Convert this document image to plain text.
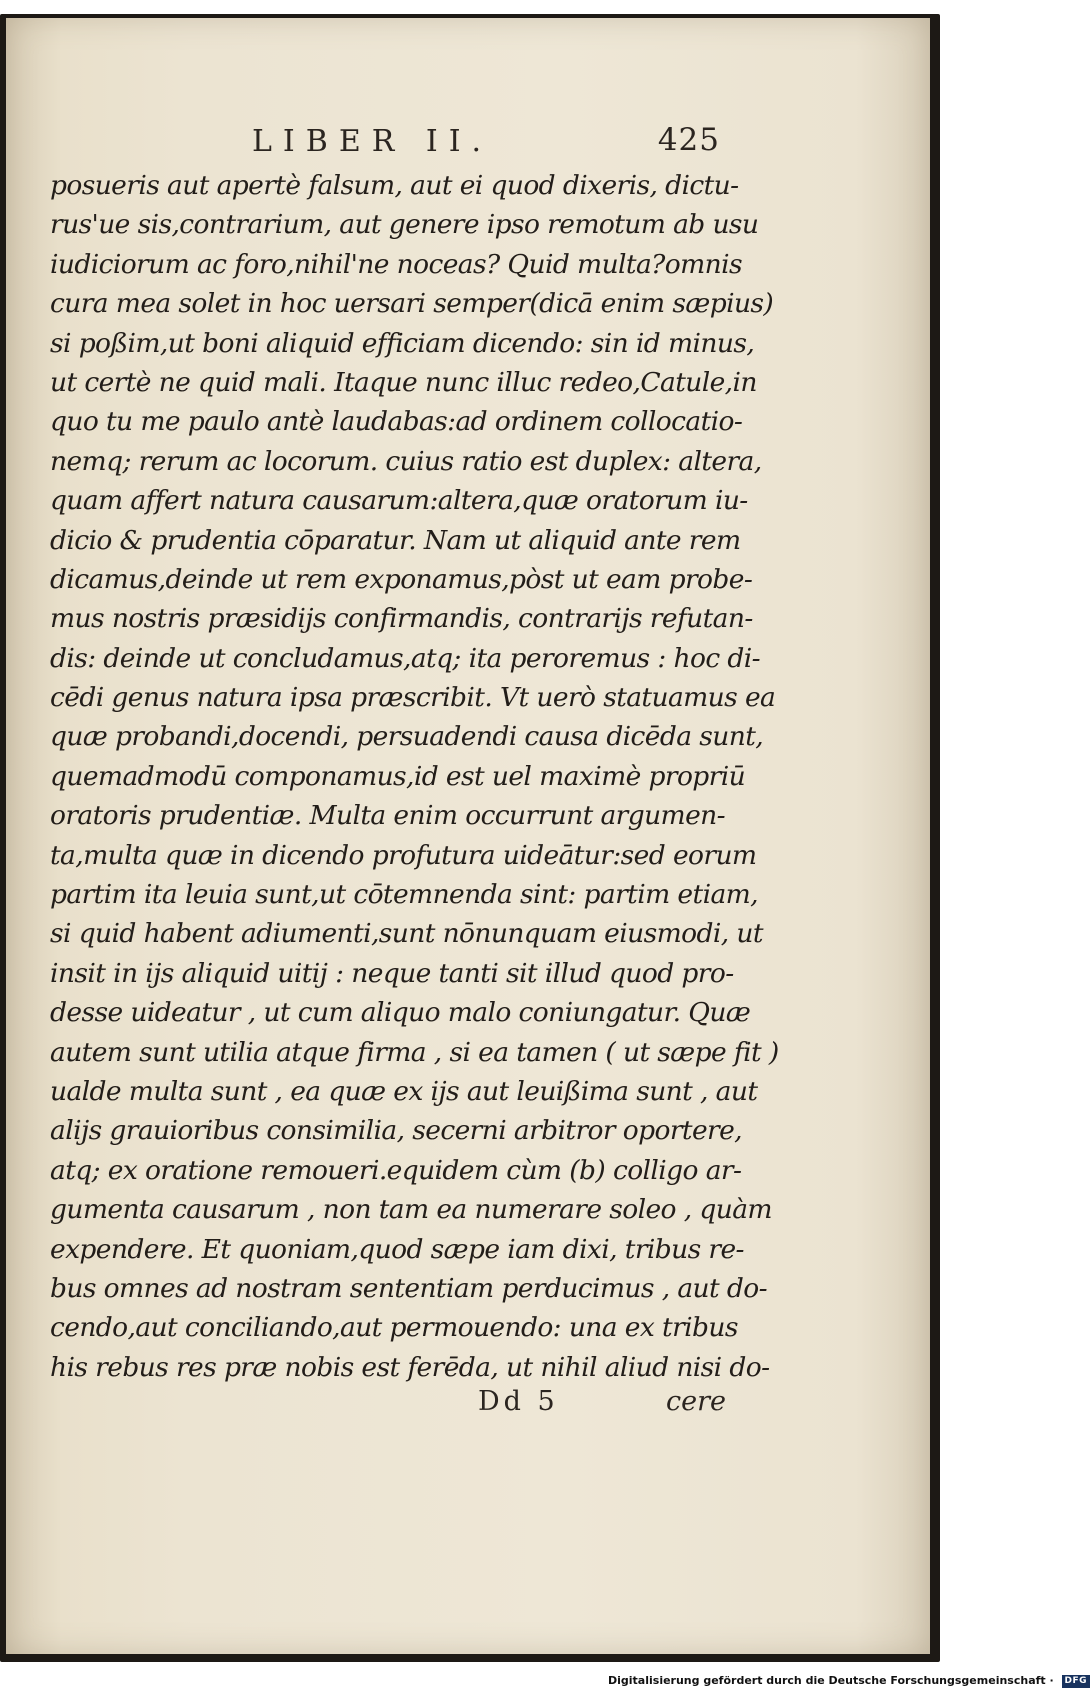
LIBER II.	425
posueris aut apertè falsum, aut ei quod dixeris, dictu-
rus'ue sis,contrarium, aut genere ipso remotum ab usu
iudiciorum ac foro,nihil'ne noceas? Quid multa?omnis
cura mea solet in hoc uersari semper(dicā enim sæpius)
si poßim,ut boni aliquid efficiam dicendo: sin id minus,
ut certè ne quid mali. Itaque nunc illuc redeo,Catule,in
quo tu me paulo antè laudabas:ad ordinem collocatio-
nemq; rerum ac locorum. cuius ratio est duplex: altera,
quam affert natura causarum:altera,quæ oratorum iu-
dicio & prudentia cōparatur. Nam ut aliquid ante rem
dicamus,deinde ut rem exponamus,pòst ut eam probe-
mus nostris præsidijs confirmandis, contrarijs refutan-
dis: deinde ut concludamus,atq; ita peroremus : hoc di-
cēdi genus natura ipsa præscribit. Vt uerò statuamus ea
quæ probandi,docendi, persuadendi causa dicēda sunt,
quemadmodū componamus,id est uel maximè propriū
oratoris prudentiæ. Multa enim occurrunt argumen-
ta,multa quæ in dicendo profutura uideātur:sed eorum
partim ita leuia sunt,ut cōtemnenda sint: partim etiam,
si quid habent adiumenti,sunt nōnunquam eiusmodi, ut
insit in ijs aliquid uitij : neque tanti sit illud quod pro-
desse uideatur , ut cum aliquo malo coniungatur. Quæ
autem sunt utilia atque firma , si ea tamen ( ut sæpe fit )
ualde multa sunt , ea quæ ex ijs aut leuißima sunt , aut
alijs grauioribus consimilia, secerni arbitror oportere,
atq; ex oratione remoueri.equidem cùm (b) colligo ar-
gumenta causarum , non tam ea numerare soleo , quàm
expendere. Et quoniam,quod sæpe iam dixi, tribus re-
bus omnes ad nostram sententiam perducimus , aut do-
cendo,aut conciliando,aut permouendo: una ex tribus
his rebus res præ nobis est ferēda, ut nihil aliud nisi do-
Dd 5	cere
Digitalisierung gefördert durch die Deutsche Forschungsgemeinschaft · DFG
